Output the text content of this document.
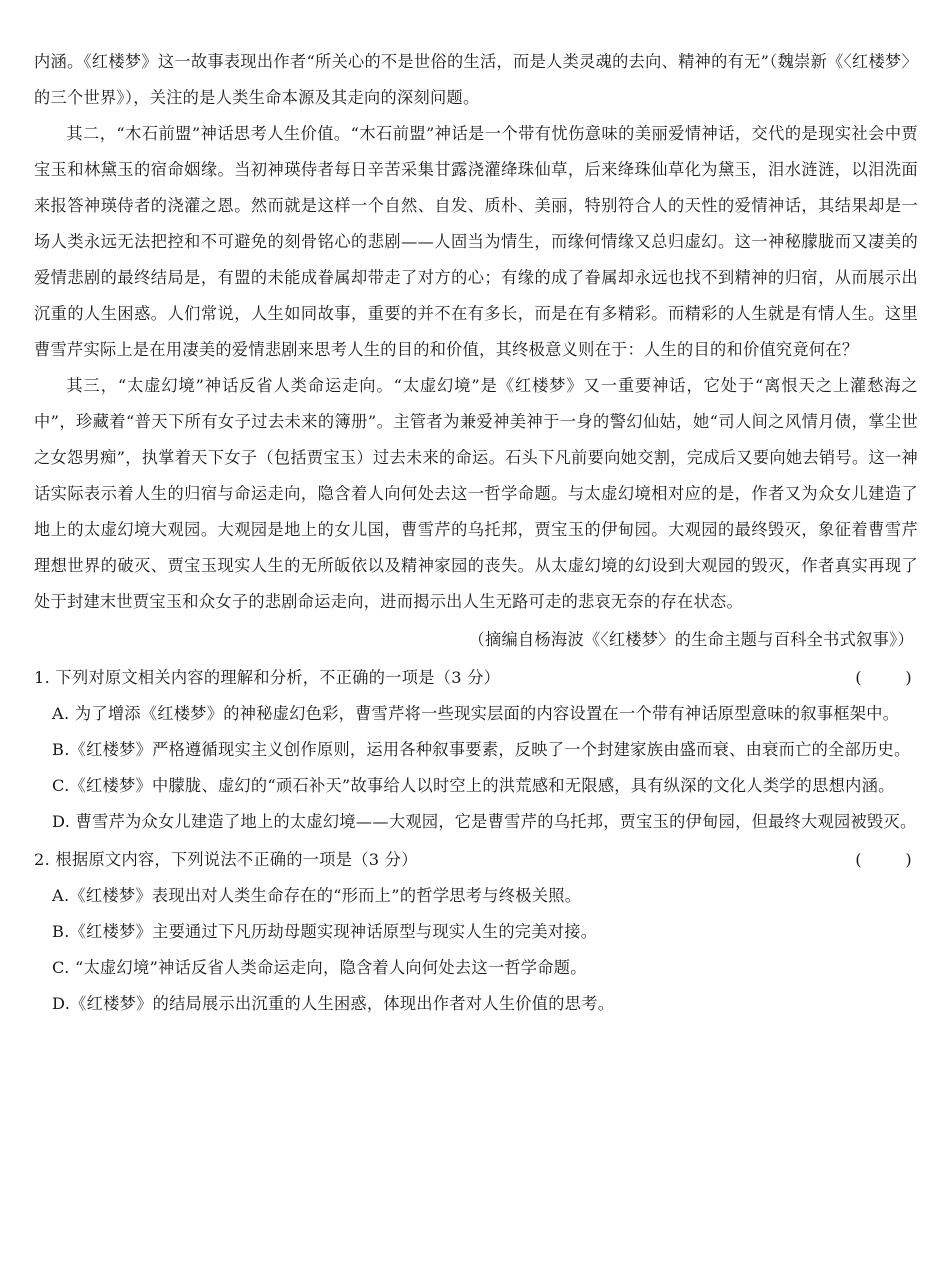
内涵。《红楼梦》这一故事表现出作者“所关心的不是世俗的生活，而是人类灵魂的去向、精神的有无”（魏崇新《〈红楼梦〉的三个世界》），关注的是人类生命本源及其走向的深刻问题。

其二，“木石前盟”神话思考人生价值。“木石前盟”神话是一个带有忧伤意味的美丽爱情神话，交代的是现实社会中贾宝玉和林黛玉的宿命姻缘。当初神瑛侍者每日辛苦采集甘露浇灌绛珠仙草，后来绛珠仙草化为黛玉，泪水涟涟，以泪洗面来报答神瑛侍者的浇灌之恩。然而就是这样一个自然、自发、质朴、美丽，特别符合人的天性的爱情神话，其结果却是一场人类永远无法把控和不可避免的刻骨铭心的悲剧——人固当为情生，而缘何情缘又总归虚幻。这一神秘朦胧而又凄美的爱情悲剧的最终结局是，有盟的未能成眷属却带走了对方的心；有缘的成了眷属却永远也找不到精神的归宿，从而展示出沉重的人生困惑。人们常说，人生如同故事，重要的并不在有多长，而是在有多精彩。而精彩的人生就是有情人生。这里曹雪芹实际上是在用凄美的爱情悲剧来思考人生的目的和价值，其终极意义则在于：人生的目的和价值究竟何在？

其三，“太虚幻境”神话反省人类命运走向。“太虚幻境”是《红楼梦》又一重要神话，它处于“离恨天之上灌愁海之中”，珍藏着“普天下所有女子过去未来的簿册”。主管者为兼爱神美神于一身的警幻仙姑，她“司人间之风情月债，掌尘世之女怨男痴”，执掌着天下女子（包括贾宝玉）过去未来的命运。石头下凡前要向她交割，完成后又要向她去销号。这一神话实际表示着人生的归宿与命运走向，隐含着人向何处去这一哲学命题。与太虚幻境相对应的是，作者又为众女儿建造了地上的太虚幻境大观园。大观园是地上的女儿国，曹雪芹的乌托邦，贾宝玉的伊甸园。大观园的最终毁灭，象征着曹雪芹理想世界的破灭、贾宝玉现实人生的无所皈依以及精神家园的丧失。从太虚幻境的幻设到大观园的毁灭，作者真实再现了处于封建末世贾宝玉和众女子的悲剧命运走向，进而揭示出人生无路可走的悲哀无奈的存在状态。

（摘编自杨海波《〈红楼梦〉的生命主题与百科全书式叙事》）

1. 下列对原文相关内容的理解和分析，不正确的一项是（3 分）	(        )

A. 为了增添《红楼梦》的神秘虚幻色彩，曹雪芹将一些现实层面的内容设置在一个带有神话原型意味的叙事框架中。

B.《红楼梦》严格遵循现实主义创作原则，运用各种叙事要素，反映了一个封建家族由盛而衰、由衰而亡的全部历史。

C.《红楼梦》中朦胧、虚幻的“顽石补天”故事给人以时空上的洪荒感和无限感，具有纵深的文化人类学的思想内涵。

D. 曹雪芹为众女儿建造了地上的太虚幻境——大观园，它是曹雪芹的乌托邦，贾宝玉的伊甸园，但最终大观园被毁灭。

2. 根据原文内容，下列说法不正确的一项是（3 分）	(        )

A.《红楼梦》表现出对人类生命存在的“形而上”的哲学思考与终极关照。

B.《红楼梦》主要通过下凡历劫母题实现神话原型与现实人生的完美对接。

C. “太虚幻境”神话反省人类命运走向，隐含着人向何处去这一哲学命题。

D.《红楼梦》的结局展示出沉重的人生困惑，体现出作者对人生价值的思考。
